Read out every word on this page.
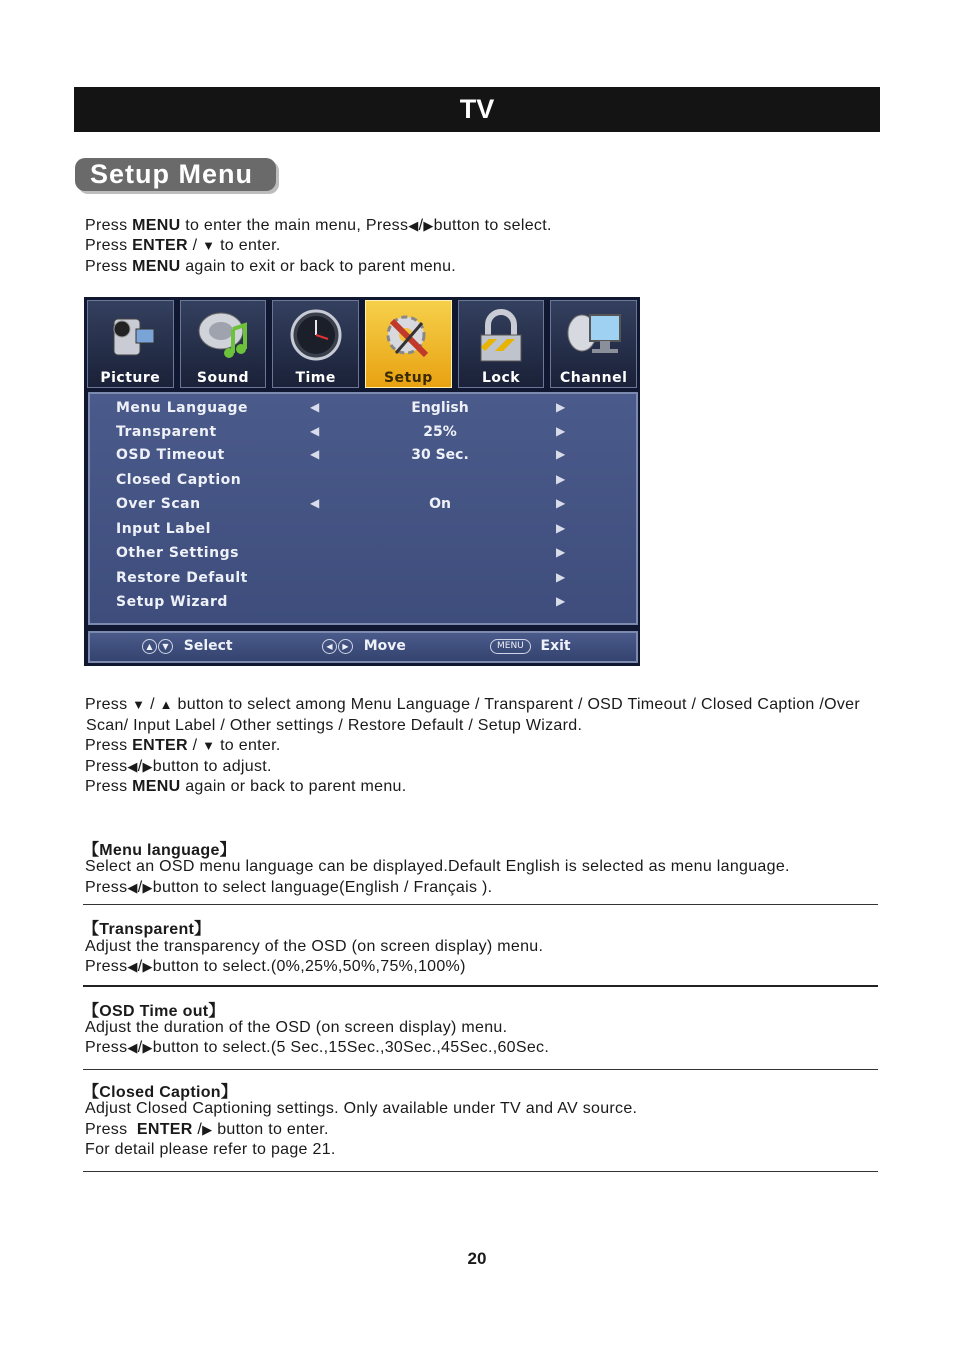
TV
Setup Menu
Press MENU to enter the main menu, Press◀/▶button to select.
Press ENTER / ▼ to enter.
Press MENU again to exit or back to parent menu.
Picture	Sound	Time	Setup	Lock	Channel
Menu Language	◀	English	▶
Transparent	◀	25%	▶
OSD Timeout	◀	30 Sec.	▶
Closed Caption	▶
Over Scan	◀	On	▶
Input Label	▶
Other Settings	▶
Restore Default	▶
Setup Wizard	▶
▲ ▼ Select	◀ ▶ Move	MENU Exit
Press ▼ / ▲ button to select among Menu Language / Transparent / OSD Timeout / Closed Caption /Over
Scan/ Input Label / Other settings / Restore Default / Setup Wizard.
Press ENTER / ▼ to enter.
Press◀/▶button to adjust.
Press MENU again or back to parent menu.
【Menu language】
Select an OSD menu language can be displayed.Default English is selected as menu language.
Press◀/▶button to select language(English / Français ).
【Transparent】
Adjust the transparency of the OSD (on screen display) menu.
Press◀/▶button to select.(0%,25%,50%,75%,100%)
【OSD Time out】
Adjust the duration of the OSD (on screen display) menu.
Press◀/▶button to select.(5 Sec.,15Sec.,30Sec.,45Sec.,60Sec.
【Closed Caption】
Adjust Closed Captioning settings. Only available under TV and AV source.
Press ENTER /▶ button to enter.
For detail please refer to page 21.
20
